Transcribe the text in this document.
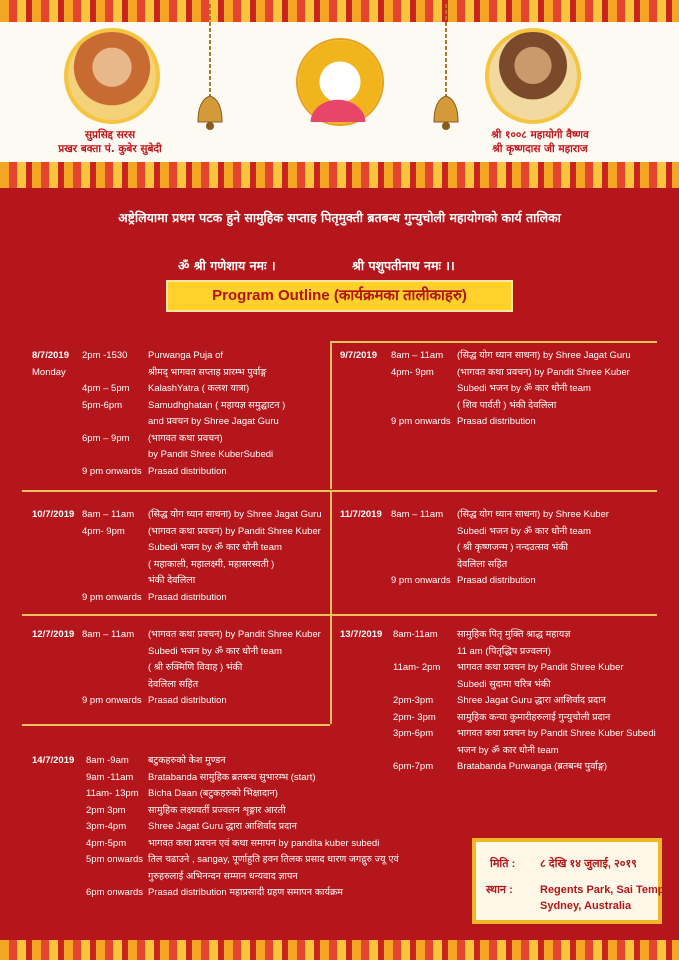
सुप्रसिद्द सरस
प्रखर बक्ता पं. कुबेर सुबेदी
श्री १००८ महायोगी वैष्णव
श्री कृष्णदास जी महाराज
अष्ट्रेलियामा प्रथम पटक हुने सामुहिक सप्ताह पितृमुक्ती ब्रतबन्ध गुन्युचोली महायोगको कार्य तालिका
ॐ श्री गणेशाय नमः ।	श्री पशुपतीनाथ नमः ।।
Program Outline (कार्यक्रमका तालीकाहरु)
मिति : ८ देखि १४ जुलाई, २०१९
स्थान : Regents Park, Sai Temple
Sydney, Australia
8/7/2019
Monday
2pm -1530 Purwanga Puja of
श्रीमद् भागवत सप्ताह प्रारम्भ पुर्वाङ्ग
4pm – 5pm KalashYatra ( कलश यात्रा)
5pm-6pm	Samudhghatan ( महायज्ञ समुद्घाटन )
and प्रवचन by Shree Jagat Guru
6pm – 9pm (भागवत कथा प्रवचन)
by Pandit Shree KuberSubedi
9 pm onwards Prasad distribution
9/7/2019 8am – 11am (सिद्ध योग ध्यान साधना) by Shree Jagat Guru
4pm- 9pm (भागवत कथा प्रवचन) by Pandit Shree Kuber
Subedi भजन by ॐ कार धोनी team
( शिव पार्वती ) भंकी देवलिला
9 pm onwards Prasad distribution
10/7/2019 8am – 11am (सिद्ध योग ध्यान साधना) by Shree Jagat Guru
4pm- 9pm (भागवत कथा प्रवचन) by Pandit Shree Kuber
Subedi भजन by ॐ कार धोनी team
( महाकाली, महालक्ष्मी, महासरस्वती )
भंकी देवलिला
9 pm onwards Prasad distribution
11/7/2019 8am – 11am (सिद्ध योग ध्यान साधना) by Shree Kuber
Subedi भजन by ॐ कार धोनी team
( श्री कृष्णजन्म ) नन्दउत्सव भंकी
देवलिला सहित
9 pm onwards Prasad distribution
12/7/2019 8am – 11am (भागवत कथा प्रवचन) by Pandit Shree Kuber
Subedi भजन by ॐ कार धोनी team
( श्री रुक्मिणि विवाह ) भंकी
देवलिला सहित
9 pm onwards Prasad distribution
13/7/2019 8am-11am सामुहिक पितृ मुक्ति श्राद्ध महायज्ञ
11 am (पितृद्धिप प्रज्वलन)
11am- 2pm भागवत कथा प्रवचन by Pandit Shree Kuber
Subedi सुदामा चरित्र भंकी
2pm-3pm	Shree Jagat Guru द्धारा आशिर्वाद प्रदान
2pm- 3pm सामुहिक कन्या कुमारीहरुलाई गुन्युचोली प्रदान
3pm-6pm	भागवत कथा प्रवचन by Pandit Shree Kuber Subedi
भजन by ॐ कार धोनी team
6pm-7pm	Bratabanda Purwanga (ब्रतबन्ध पुर्वाङ्ग)
14/7/2019 8am -9am बटुकहरुको केश मुण्डन
9am -11am Bratabanda सामुहिक ब्रतबन्ध सुभारम्भ (start)
11am- 13pm Bicha Daan (बटुकहरुको भिक्षादान)
2pm 3pm सामुहिक लक्ष्यवर्ती प्रज्वलन शृङ्गार आरती
3pm-4pm Shree Jagat Guru द्धारा आशिर्वाद प्रदान
4pm-5pm भागवत कथा प्रवचन एवं कथा समापन by pandita kuber subedi
5pm onwards तिल चढाउने , sangay, पूर्णाहुति हवन तिलक प्रसाद धारण जगद्गुरु ज्यू एवं
गुरुहरुलाई अभिनन्दन सम्मान धन्यवाद ज्ञापन
6pm onwards Prasad distribution महाप्रसादी ग्रहण समापन कार्यक्रम
